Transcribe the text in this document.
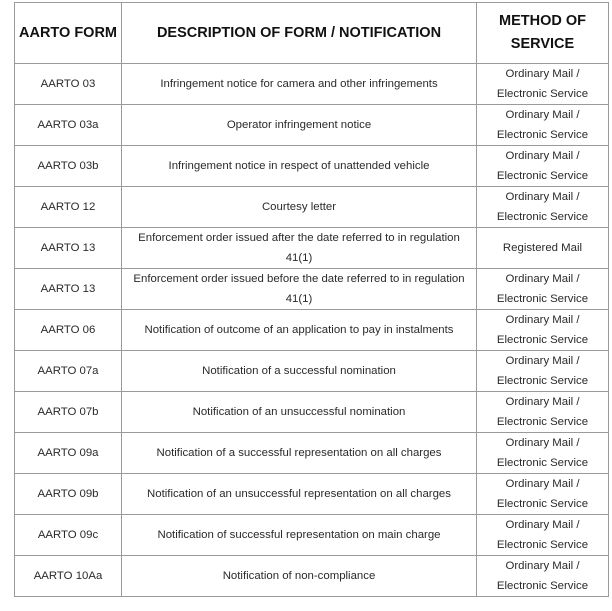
AARTO FORM	DESCRIPTION OF FORM / NOTIFICATION	METHOD OF SERVICE
AARTO 03	Infringement notice for camera and other infringements	Ordinary Mail / Electronic Service
AARTO 03a	Operator infringement notice	Ordinary Mail / Electronic Service
AARTO 03b	Infringement notice in respect of unattended vehicle	Ordinary Mail / Electronic Service
AARTO 12	Courtesy letter	Ordinary Mail / Electronic Service
AARTO 13	Enforcement order issued after the date referred to in regulation 41(1)	Registered Mail
AARTO 13	Enforcement order issued before the date referred to in regulation 41(1)	Ordinary Mail / Electronic Service
AARTO 06	Notification of outcome of an application to pay in instalments	Ordinary Mail / Electronic Service
AARTO 07a	Notification of a successful nomination	Ordinary Mail / Electronic Service
AARTO 07b	Notification of an unsuccessful nomination	Ordinary Mail / Electronic Service
AARTO 09a	Notification of a successful representation on all charges	Ordinary Mail / Electronic Service
AARTO 09b	Notification of an unsuccessful representation on all charges	Ordinary Mail / Electronic Service
AARTO 09c	Notification of successful representation on main charge	Ordinary Mail / Electronic Service
AARTO 10Aa	Notification of non-compliance	Ordinary Mail / Electronic Service
